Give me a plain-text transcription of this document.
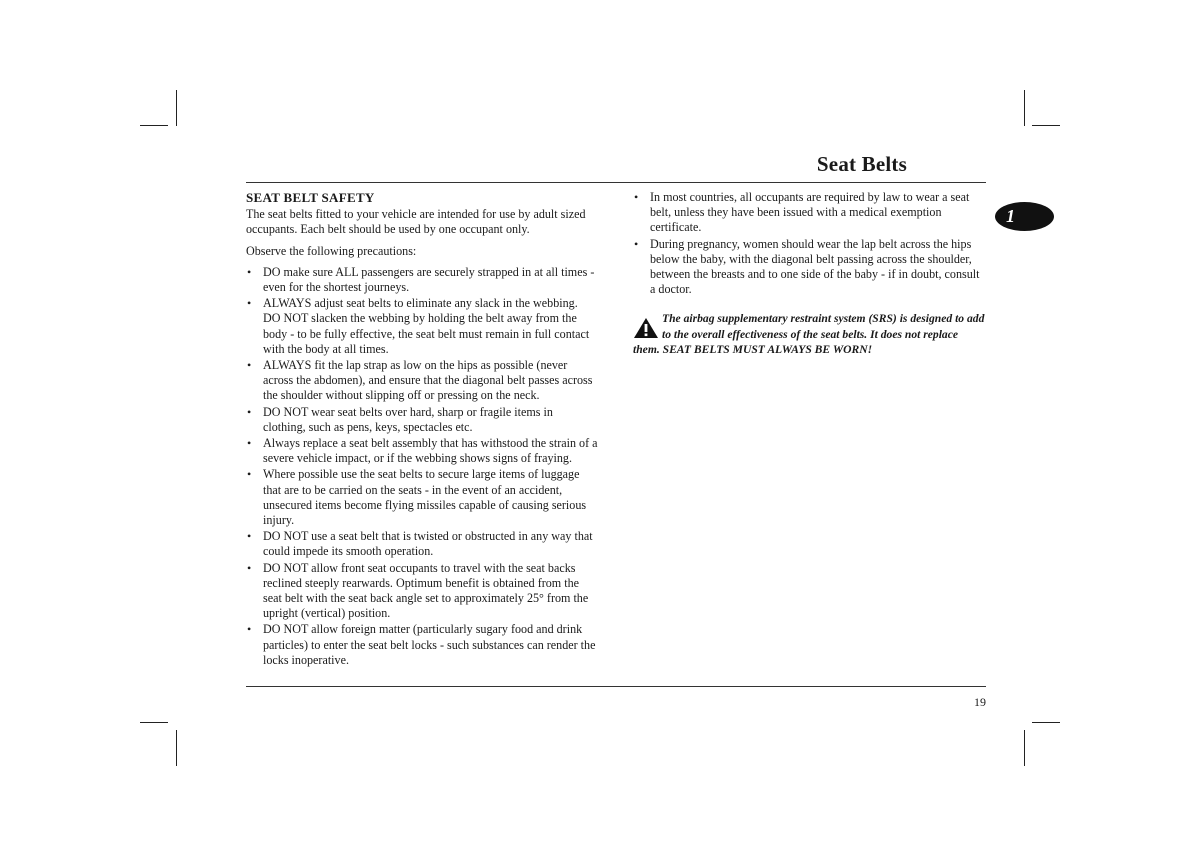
Seat Belts
1
SEAT BELT SAFETY

The seat belts fitted to your vehicle are intended for use by adult sized occupants. Each belt should be used by one occupant only.

Observe the following precautions:

• DO make sure ALL passengers are securely strapped in at all times - even for the shortest journeys.
• ALWAYS adjust seat belts to eliminate any slack in the webbing. DO NOT slacken the webbing by holding the belt away from the body - to be fully effective, the seat belt must remain in full contact with the body at all times.
• ALWAYS fit the lap strap as low on the hips as possible (never across the abdomen), and ensure that the diagonal belt passes across the shoulder without slipping off or pressing on the neck.
• DO NOT wear seat belts over hard, sharp or fragile items in clothing, such as pens, keys, spectacles etc.
• Always replace a seat belt assembly that has withstood the strain of a severe vehicle impact, or if the webbing shows signs of fraying.
• Where possible use the seat belts to secure large items of luggage that are to be carried on the seats - in the event of an accident, unsecured items become flying missiles capable of causing serious injury.
• DO NOT use a seat belt that is twisted or obstructed in any way that could impede its smooth operation.
• DO NOT allow front seat occupants to travel with the seat backs reclined steeply rearwards. Optimum benefit is obtained from the seat belt with the seat back angle set to approximately 25° from the upright (vertical) position.
• DO NOT allow foreign matter (particularly sugary food and drink particles) to enter the seat belt locks - such substances can render the locks inoperative.
• In most countries, all occupants are required by law to wear a seat belt, unless they have been issued with a medical exemption certificate.
• During pregnancy, women should wear the lap belt across the hips below the baby, with the diagonal belt passing across the shoulder, between the breasts and to one side of the baby - if in doubt, consult a doctor.
The airbag supplementary restraint system (SRS) is designed to add to the overall effectiveness of the seat belts. It does not replace them. SEAT BELTS MUST ALWAYS BE WORN!
19
